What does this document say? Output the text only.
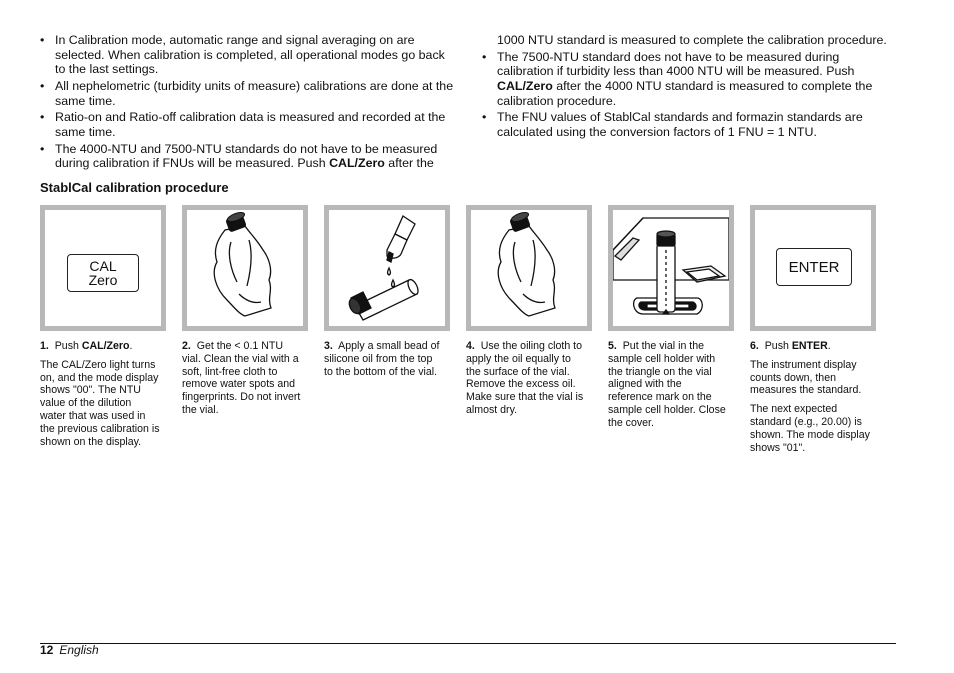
• In Calibration mode, automatic range and signal averaging on are selected. When calibration is completed, all operational modes go back to the last settings.
• All nephelometric (turbidity units of measure) calibrations are done at the same time.
• Ratio-on and Ratio-off calibration data is measured and recorded at the same time.
• The 4000-NTU and 7500-NTU standards do not have to be measured during calibration if FNUs will be measured. Push CAL/Zero after the
1000 NTU standard is measured to complete the calibration procedure.
• The 7500-NTU standard does not have to be measured during calibration if turbidity less than 4000 NTU will be measured. Push CAL/Zero after the 4000 NTU standard is measured to complete the calibration procedure.
• The FNU values of StablCal standards and formazin standards are calculated using the conversion factors of 1 FNU = 1 NTU.
StablCal calibration procedure
CAL
Zero
ENTER

1. Push CAL/Zero.

The CAL/Zero light turns on, and the mode display shows "00". The NTU value of the dilution water that was used in the previous calibration is shown on the display.

2. Get the < 0.1 NTU vial. Clean the vial with a soft, lint-free cloth to remove water spots and fingerprints. Do not invert the vial.

3. Apply a small bead of silicone oil from the top to the bottom of the vial.

4. Use the oiling cloth to apply the oil equally to the surface of the vial. Remove the excess oil. Make sure that the vial is almost dry.

5. Put the vial in the sample cell holder with the triangle on the vial aligned with the reference mark on the sample cell holder. Close the cover.

6. Push ENTER.

The instrument display counts down, then measures the standard.

The next expected standard (e.g., 20.00) is shown. The mode display shows "01".

12 English
